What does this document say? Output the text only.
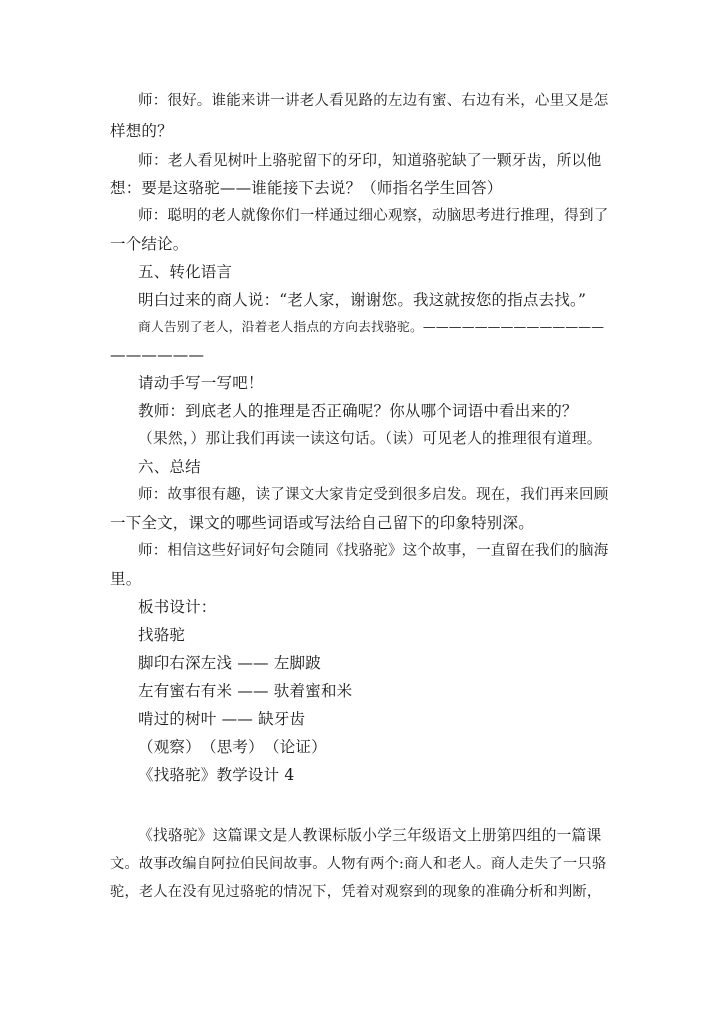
师：很好。谁能来讲一讲老人看见路的左边有蜜、右边有米，心里又是怎
样想的？
师：老人看见树叶上骆驼留下的牙印，知道骆驼缺了一颗牙齿，所以他
想：要是这骆驼——谁能接下去说？（师指名学生回答）
师：聪明的老人就像你们一样通过细心观察，动脑思考进行推理，得到了
一个结论。
五、转化语言
明白过来的商人说：“老人家，谢谢您。我这就按您的指点去找。”
商人告别了老人，沿着老人指点的方向去找骆驼。——————————————
——————
请动手写一写吧！
教师：到底老人的推理是否正确呢？你从哪个词语中看出来的？
（果然，）那让我们再读一读这句话。（读）可见老人的推理很有道理。
六、总结
师：故事很有趣，读了课文大家肯定受到很多启发。现在，我们再来回顾
一下全文，课文的哪些词语或写法给自己留下的印象特别深。
师：相信这些好词好句会随同《找骆驼》这个故事，一直留在我们的脑海
里。
板书设计：
找骆驼
脚印右深左浅 —— 左脚跛
左有蜜右有米 —— 驮着蜜和米
啃过的树叶 —— 缺牙齿
（观察）　（思考）　（论证）
《找骆驼》教学设计 4
《找骆驼》这篇课文是人教课标版小学三年级语文上册第四组的一篇课
文。故事改编自阿拉伯民间故事。人物有两个:商人和老人。商人走失了一只骆
驼，老人在没有见过骆驼的情况下，凭着对观察到的现象的准确分析和判断，
